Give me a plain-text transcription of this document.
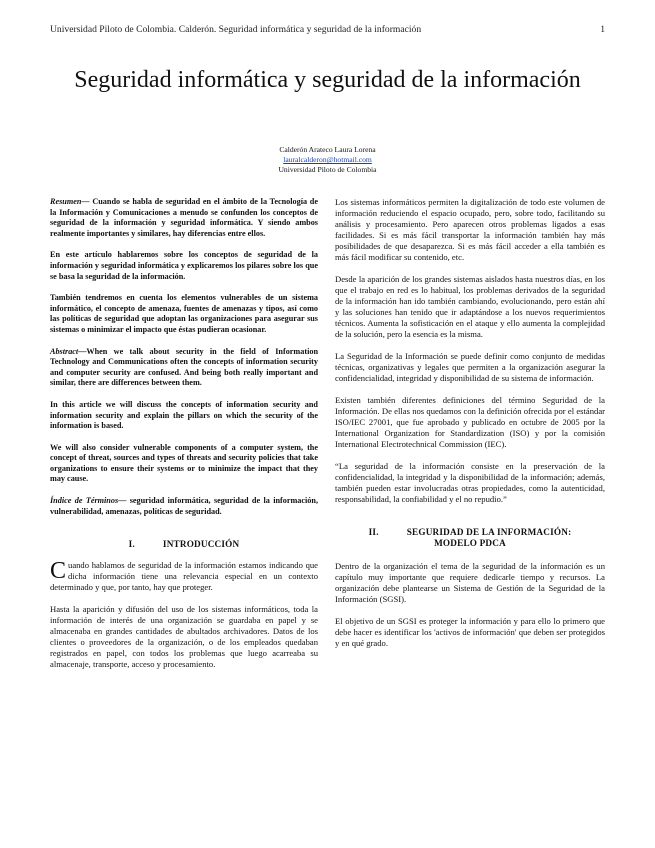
Universidad Piloto de Colombia. Calderón. Seguridad informática y seguridad de la información	1
Seguridad informática y seguridad de la información
Calderón Arateco Laura Lorena
lauralcalderon@hotmail.com
Universidad Piloto de Colombia

Resumen— Cuando se habla de seguridad en el ámbito de la Tecnología de la Información y Comunicaciones a menudo se confunden los conceptos de seguridad de la información y seguridad informática. Y siendo ambos realmente importantes y similares, hay diferencias entre ellos.

En este artículo hablaremos sobre los conceptos de seguridad de la información y seguridad informática y explicaremos los pilares sobre los que se basa la seguridad de la información.

También tendremos en cuenta los elementos vulnerables de un sistema informático, el concepto de amenaza, fuentes de amenazas y tipos, así como las políticas de seguridad que adoptan las organizaciones para asegurar sus sistemas o minimizar el impacto que éstas pudieran ocasionar.

Abstract—When we talk about security in the field of Information Technology and Communications often the concepts of information security and computer security are confused. And being both really important and similar, there are differences between them.

In this article we will discuss the concepts of information security and information security and explain the pillars on which the security of the information is based.

We will also consider vulnerable components of a computer system, the concept of threat, sources and types of threats and security policies that take organizations to ensure their systems or to minimize the impact that they may cause.

Índice de Términos— seguridad informática, seguridad de la información, vulnerabilidad, amenazas, políticas de seguridad.

I.	INTRODUCCIÓN

Cuando hablamos de seguridad de la información estamos indicando que dicha información tiene una relevancia especial en un contexto determinado y que, por tanto, hay que proteger.

Hasta la aparición y difusión del uso de los sistemas informáticos, toda la información de interés de una organización se guardaba en papel y se almacenaba en grandes cantidades de abultados archivadores. Datos de los clientes o proveedores de la organización, o de los empleados quedaban registrados en papel, con todos los problemas que luego acarreaba su almacenaje, transporte, acceso y procesamiento.

Los sistemas informáticos permiten la digitalización de todo este volumen de información reduciendo el espacio ocupado, pero, sobre todo, facilitando su análisis y procesamiento. Pero aparecen otros problemas ligados a esas facilidades. Si es más fácil transportar la información también hay más posibilidades de que desaparezca. Si es más fácil acceder a ella también es más fácil modificar su contenido, etc.

Desde la aparición de los grandes sistemas aislados hasta nuestros días, en los que el trabajo en red es lo habitual, los problemas derivados de la seguridad de la información han ido también cambiando, evolucionando, pero están ahí y las soluciones han tenido que ir adaptándose a los nuevos requerimientos técnicos. Aumenta la sofisticación en el ataque y ello aumenta la complejidad de la solución, pero la esencia es la misma.

La Seguridad de la Información se puede definir como conjunto de medidas técnicas, organizativas y legales que permiten a la organización asegurar la confidencialidad, integridad y disponibilidad de su sistema de información.

Existen también diferentes definiciones del término Seguridad de la Información. De ellas nos quedamos con la definición ofrecida por el estándar ISO/IEC 27001, que fue aprobado y publicado en octubre de 2005 por la International Organization for Standardization (ISO) y por la comisión International Electrotechnical Commission (IEC).

“La seguridad de la información consiste en la preservación de la confidencialidad, la integridad y la disponibilidad de la información; además, también pueden estar involucradas otras propiedades, como la autenticidad, responsabilidad, la confiabilidad y el no repudio.”

II.	SEGURIDAD DE LA INFORMACIÓN:
MODELO PDCA

Dentro de la organización el tema de la seguridad de la información es un capítulo muy importante que requiere dedicarle tiempo y recursos. La organización debe plantearse un Sistema de Gestión de la Seguridad de la Información (SGSI).

El objetivo de un SGSI es proteger la información y para ello lo primero que debe hacer es identificar los 'activos de información' que deben ser protegidos y en qué grado.
